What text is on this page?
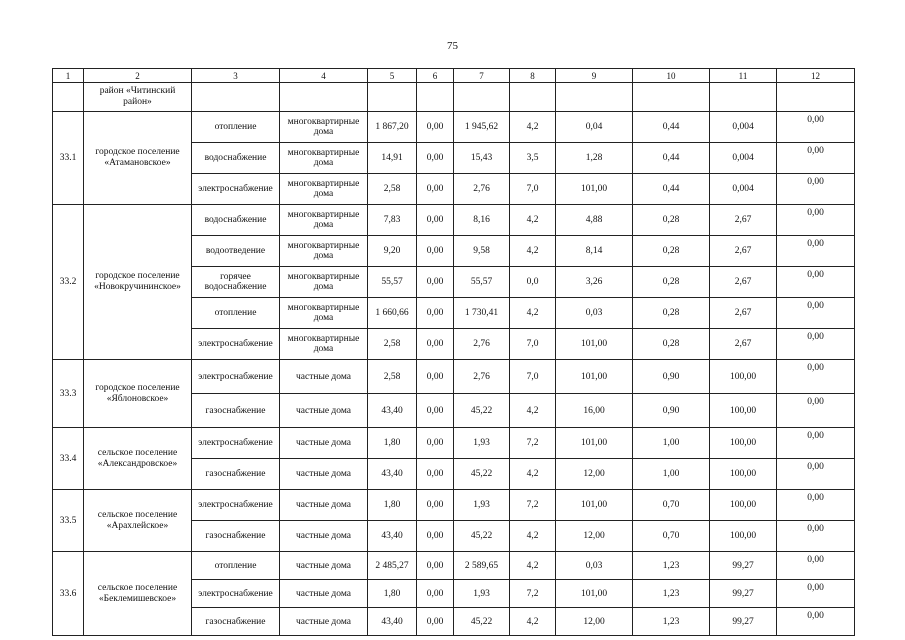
75
1	2	3	4	5	6	7	8	9	10	11	12
	район «Читинский район»										
33.1	городское поселение «Атамановское»	отопление	многоквартирные дома	1 867,20	0,00	1 945,62	4,2	0,04	0,44	0,004	0,00
		водоснабжение	многоквартирные дома	14,91	0,00	15,43	3,5	1,28	0,44	0,004	0,00
		электроснабжение	многоквартирные дома	2,58	0,00	2,76	7,0	101,00	0,44	0,004	0,00
33.2	городское поселение «Новокручининское»	водоснабжение	многоквартирные дома	7,83	0,00	8,16	4,2	4,88	0,28	2,67	0,00
		водоотведение	многоквартирные дома	9,20	0,00	9,58	4,2	8,14	0,28	2,67	0,00
		горячее водоснабжение	многоквартирные дома	55,57	0,00	55,57	0,0	3,26	0,28	2,67	0,00
		отопление	многоквартирные дома	1 660,66	0,00	1 730,41	4,2	0,03	0,28	2,67	0,00
		электроснабжение	многоквартирные дома	2,58	0,00	2,76	7,0	101,00	0,28	2,67	0,00
33.3	городское поселение «Яблоновское»	электроснабжение	частные дома	2,58	0,00	2,76	7,0	101,00	0,90	100,00	0,00
		газоснабжение	частные дома	43,40	0,00	45,22	4,2	16,00	0,90	100,00	0,00
33.4	сельское поселение «Александровское»	электроснабжение	частные дома	1,80	0,00	1,93	7,2	101,00	1,00	100,00	0,00
		газоснабжение	частные дома	43,40	0,00	45,22	4,2	12,00	1,00	100,00	0,00
33.5	сельское поселение «Арахлейское»	электроснабжение	частные дома	1,80	0,00	1,93	7,2	101,00	0,70	100,00	0,00
		газоснабжение	частные дома	43,40	0,00	45,22	4,2	12,00	0,70	100,00	0,00
33.6	сельское поселение «Беклемишевское»	отопление	частные дома	2 485,27	0,00	2 589,65	4,2	0,03	1,23	99,27	0,00
		электроснабжение	частные дома	1,80	0,00	1,93	7,2	101,00	1,23	99,27	0,00
		газоснабжение	частные дома	43,40	0,00	45,22	4,2	12,00	1,23	99,27	0,00
